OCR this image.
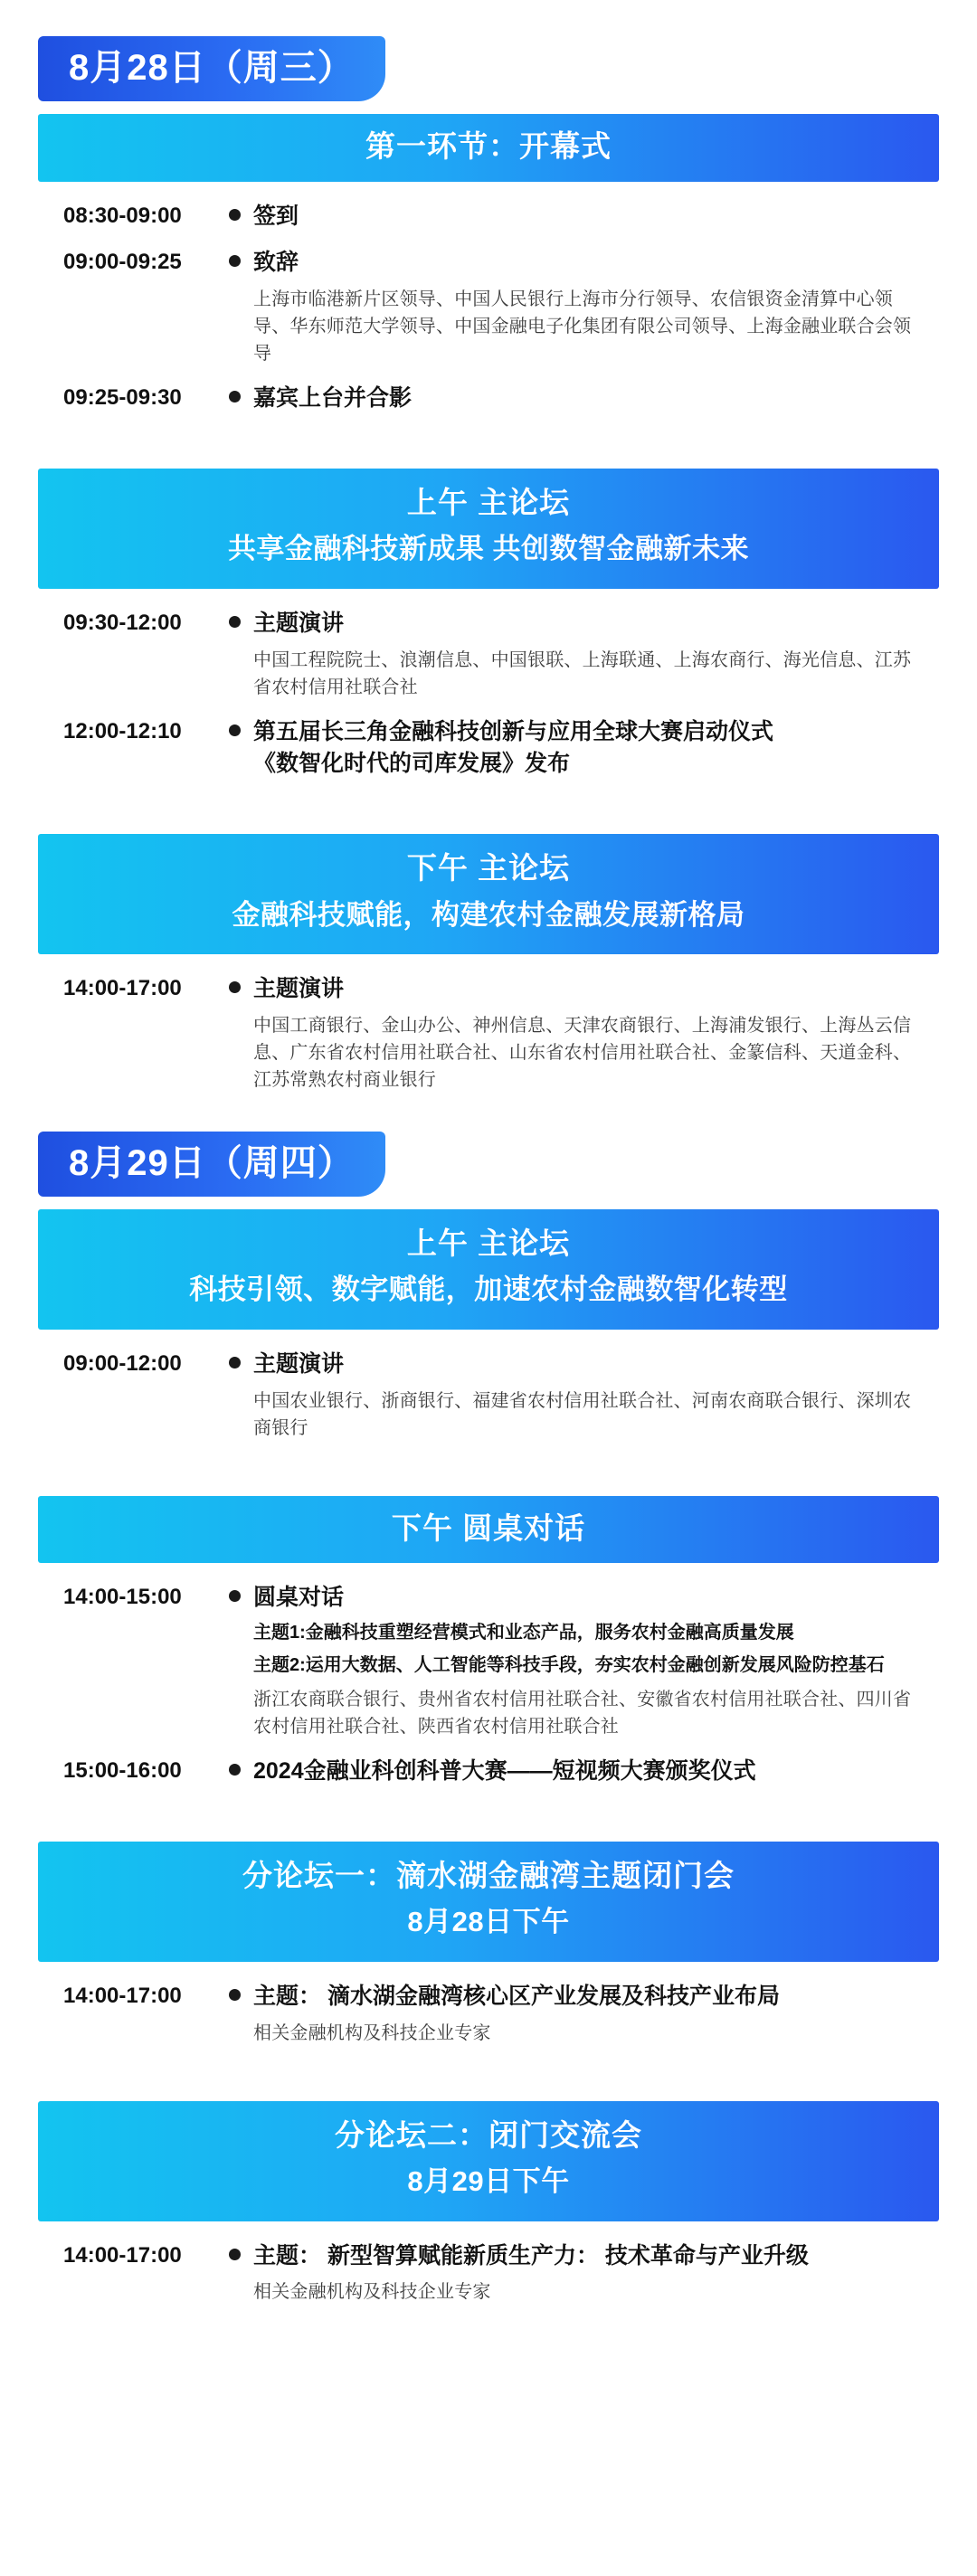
8月28日（周三）
第一环节：开幕式
08:30-09:00	签到
09:00-09:25	致辞
上海市临港新片区领导、中国人民银行上海市分行领导、农信银资金清算中心领导、华东师范大学领导、中国金融电子化集团有限公司领导、上海金融业联合会领导
09:25-09:30	嘉宾上台并合影
上午 主论坛
共享金融科技新成果 共创数智金融新未来
09:30-12:00	主题演讲
中国工程院院士、浪潮信息、中国银联、上海联通、上海农商行、海光信息、江苏省农村信用社联合社
12:00-12:10	第五届长三角金融科技创新与应用全球大赛启动仪式
《数智化时代的司库发展》发布
下午 主论坛
金融科技赋能，构建农村金融发展新格局
14:00-17:00	主题演讲
中国工商银行、金山办公、神州信息、天津农商银行、上海浦发银行、上海丛云信息、广东省农村信用社联合社、山东省农村信用社联合社、金篆信科、天道金科、江苏常熟农村商业银行
8月29日（周四）
上午 主论坛
科技引领、数字赋能，加速农村金融数智化转型
09:00-12:00	主题演讲
中国农业银行、浙商银行、福建省农村信用社联合社、河南农商联合银行、深圳农商银行
下午 圆桌对话
14:00-15:00	圆桌对话
主题1:金融科技重塑经营模式和业态产品，服务农村金融高质量发展
主题2:运用大数据、人工智能等科技手段，夯实农村金融创新发展风险防控基石
浙江农商联合银行、贵州省农村信用社联合社、安徽省农村信用社联合社、四川省农村信用社联合社、陕西省农村信用社联合社
15:00-16:00	2024金融业科创科普大赛——短视频大赛颁奖仪式
分论坛一：滴水湖金融湾主题闭门会
8月28日下午
14:00-17:00	主题： 滴水湖金融湾核心区产业发展及科技产业布局
相关金融机构及科技企业专家
分论坛二：闭门交流会
8月29日下午
14:00-17:00	主题： 新型智算赋能新质生产力： 技术革命与产业升级
相关金融机构及科技企业专家
